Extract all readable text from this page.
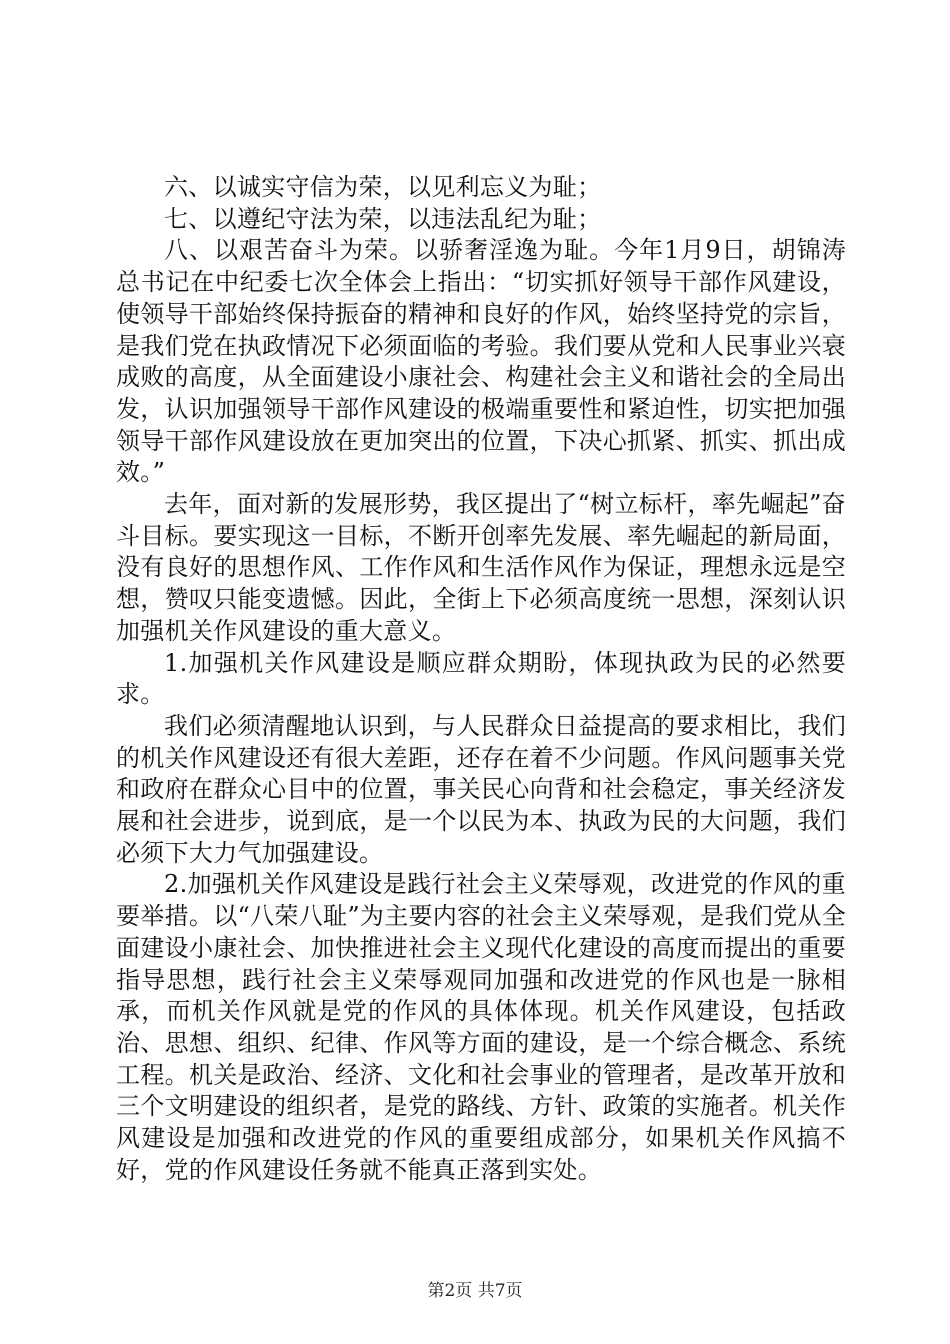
六、以诚实守信为荣，以见利忘义为耻；

七、以遵纪守法为荣，以违法乱纪为耻；

八、以艰苦奋斗为荣。以骄奢淫逸为耻。今年1月9日，胡锦涛总书记在中纪委七次全体会上指出：“切实抓好领导干部作风建设，使领导干部始终保持振奋的精神和良好的作风，始终坚持党的宗旨，是我们党在执政情况下必须面临的考验。我们要从党和人民事业兴衰成败的高度，从全面建设小康社会、构建社会主义和谐社会的全局出发，认识加强领导干部作风建设的极端重要性和紧迫性，切实把加强领导干部作风建设放在更加突出的位置，下决心抓紧、抓实、抓出成效。”

去年，面对新的发展形势，我区提出了“树立标杆，率先崛起”奋斗目标。要实现这一目标，不断开创率先发展、率先崛起的新局面，没有良好的思想作风、工作作风和生活作风作为保证，理想永远是空想，赞叹只能变遗憾。因此，全街上下必须高度统一思想，深刻认识加强机关作风建设的重大意义。

1.加强机关作风建设是顺应群众期盼，体现执政为民的必然要求。

我们必须清醒地认识到，与人民群众日益提高的要求相比，我们的机关作风建设还有很大差距，还存在着不少问题。作风问题事关党和政府在群众心目中的位置，事关民心向背和社会稳定，事关经济发展和社会进步，说到底，是一个以民为本、执政为民的大问题，我们必须下大力气加强建设。

2.加强机关作风建设是践行社会主义荣辱观，改进党的作风的重要举措。以“八荣八耻”为主要内容的社会主义荣辱观，是我们党从全面建设小康社会、加快推进社会主义现代化建设的高度而提出的重要指导思想，践行社会主义荣辱观同加强和改进党的作风也是一脉相承，而机关作风就是党的作风的具体体现。机关作风建设，包括政治、思想、组织、纪律、作风等方面的建设，是一个综合概念、系统工程。机关是政治、经济、文化和社会事业的管理者，是改革开放和三个文明建设的组织者，是党的路线、方针、政策的实施者。机关作风建设是加强和改进党的作风的重要组成部分，如果机关作风搞不好，党的作风建设任务就不能真正落到实处。

第2页 共7页
